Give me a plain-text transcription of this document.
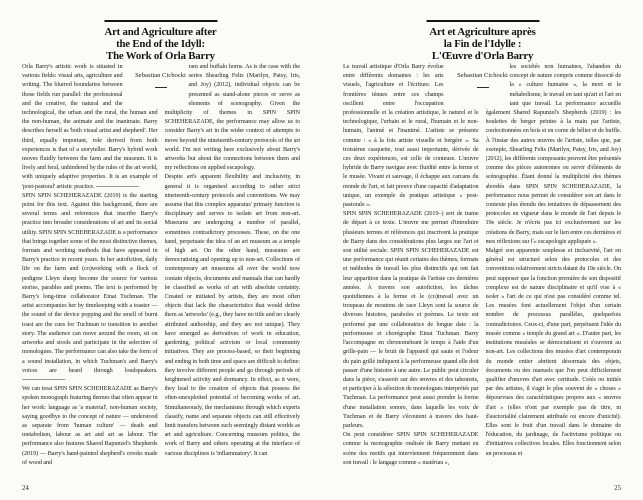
Art and Agriculture after
the End of the Idyll:
The Work of Orla Barry
Sebastian Cichocki

Orla Barry's artistic work is situated in various fields: visual arts, agriculture and writing. The blurred boundaries between those fields run parallel: the professional and the creative, the natural and the technological, the urban and the rural, the human and the non-human, the animate and the inanimate. Barry describes herself as 'both visual artist and shepherd'. Her third, equally important, role derived from both experiences is that of a storyteller. Barry's hybrid work moves fluidly between the farm and the museum. It is lively and feral, unhindered by the rules of the art world, with uniquely adaptive properties. It is an example of 'post-pastoral' artistic practice. ──────────

SPIN SPIN SCHEHERAZADE (2019) is the starting point for this text. Against this background, there are several terms and references that inscribe Barry's practice into broader considerations of art and its social utility. SPIN SPIN SCHEHERAZADE is a performance that brings together some of the most distinctive themes, formats and working methods that have appeared in Barry's practice in recent years. In her autofiction, daily life on the farm and (co)working with a flock of pedigree Lleyn sheep become the source for various stories, parables and poems. The text is performed by Barry's long-time collaborator Einat Tuchman. The artist accompanies her by timekeeping with a toaster — the sound of the device popping and the smell of burnt toast are the cues for Tuchman to transition to another story. The audience can move around the room, sit on artworks and stools and participate in the selection of monologues. The performance can also take the form of a sound installation, in which Tuchman's and Barry's voices are heard through loudspeakers. ──────────

We can treat SPIN SPIN SCHEHERAZADE as Barry's spoken monograph featuring themes that often appear in her work: language as 'a material', non-human society, saying goodbye to the concept of nature — understood as separate from 'human culture' — death and metabolism, labour as art and art as labour. The performance also features Shared Rapunzel's Shepherds (2019) — Barry's hand-painted shepherd's crooks made of wood and

ram and buffalo horns. As is the case with the series Shearling Felts (Marilyn, Patsy, Iris, and Joy) (2012), individual objects can be presented as stand-alone pieces or serve as elements of scenography. Given the multiplicity of themes in SPIN SPIN SCHEHERAZADE, the performance may allow us to consider Barry's art in the wider context of attempts to move beyond the nineteenth-century protocols of the art world. I'm not writing here exclusively about Barry's artworks but about the connections between them and my reflections on applied escapology.

Despite art's apparent flexibility and inclusivity, in general it is organised according to rather strict nineteenth-century protocols and conventions. We may assume that this complex apparatus' primary function is disciplinary and serves to isolate art from non-art. Museums are undergoing a number of parallel, sometimes contradictory processes. These, on the one hand, perpetuate the idea of an art museum as a temple of high art. On the other hand, museums are democratising and opening up to non-art. Collections of contemporary art museums all over the world now contain objects, documents and manuals that can hardly be classified as works of art with absolute certainty. Created or initiated by artists, they are most often objects that lack the characteristics that would define them as 'artworks' (e.g., they have no title and no clearly attributed authorship, and they are not unique). They have emerged as derivatives of work in education, gardening, political activism or local community initiatives. They are process-based, so their beginning and ending in both time and space are difficult to define: they involve different people and go through periods of heightened activity and dormancy. In effect, as it were, they lead to the creation of objects that possess the often-unexploited potential of becoming works of art. Simultaneously, the mechanisms through which experts classify, name and separate objects can still effectively limit transfers between such seemingly distant worlds as art and agriculture. Concerning museum politics, the work of Barry and others operating at the interface of various disciplines is 'inflammatory'. It can

24
Art et Agriculture après
la Fin de l'Idylle :
L'Œuvre d'Orla Barry
Sebastian Cichocki

Le travail artistique d'Orla Barry évolue entre différents domaines : les arts visuels, l'agriculture et l'écriture. Les frontières ténues entre ces champs oscillent entre l'occupation professionnelle et la création artistique, le naturel et le technologique, l'urbain et le rural, l'humain et le non-humain, l'animé et l'inanimé. L'artiste se présente comme : « à la fois artiste visuelle et bergère ». Sa troisième casquette, tout aussi importante, dérivée de ces deux expériences, est celle de conteuse. L'œuvre hybride de Barry navigue avec fluidité entre la ferme et le musée. Vivant et sauvage, il échappe aux carcans du monde de l'art, et fait preuve d'une capacité d'adaptation unique, un exemple de pratique artistique « post-pastorale ».

SPIN SPIN SCHEHERAZADE (2019–) sert de trame de départ à ce texte. L'œuvre me permet d'introduire plusieurs termes et références qui inscrivent la pratique de Barry dans des considérations plus larges sur l'art et son utilité sociale. SPIN SPIN SCHEHERAZADE est une performance qui réunit certains des thèmes, formats et méthodes de travail les plus distinctifs qui ont fait leur apparition dans la pratique de l'artiste ces dernières années. À travers son autofiction, les tâches quotidiennes à la ferme et le (co)travail avec un troupeau de moutons de race Lleyn sont la source de diverses histoires, paraboles et poèmes. Le texte est performé par une collaboratrice de longue date : la performeuse et chorégraphe Einat Tuchman. Barry l'accompagne en chronométrant le temps à l'aide d'un grille-pain — le bruit de l'appareil qui saute et l'odeur du pain grillé indiquent à la performeuse quand elle doit passer d'une histoire à une autre. Le public peut circuler dans la pièce, s'asseoir sur des œuvres et des tabourets, et participer à la sélection de monologues interprétés par Tuchman. La performance peut aussi prendre la forme d'une installation sonore, dans laquelle les voix de Tuchman et de Barry s'écoutent à travers des haut-parleurs.

On peut considérer SPIN SPIN SCHEHERAZADE comme la monographie oralisée de Barry mettant en scène des motifs qui interviennent fréquemment dans son travail : le langage comme « matériau »,

les sociétés non humaines, l'abandon du concept de nature compris comme dissocié de la « culture humaine », la mort et le métabolisme, le travail en tant qu'art et l'art en tant que travail. La performance accueille également Shared Rapunzel's Shepherds (2019) : les houlettes de berger peintes à la main par l'artiste, confectionnées en bois et en corne de bélier et de buffle. À l'instar des autres œuvres de l'artiste, telles que, par exemple, Shearling Felts (Marilyn, Patsy, Iris, and Joy) (2012), les différents composants peuvent être présentés comme des pièces autonomes ou servir d'éléments de scénographie. Étant donné la multiplicité des thèmes abordés dans SPIN SPIN SCHEHERAZADE, la performance nous permet de considérer son art dans le contexte plus étendu des tentatives de dépassement des protocoles en vigueur dans le monde de l'art depuis le 19e siècle. Je n'écris pas ici exclusivement sur les créations de Barry, mais sur le lien entre ces dernières et mes réflexions sur l'« escapologie appliquée ».

Malgré son apparente souplesse et inclusivité, l'art en général est structuré selon des protocoles et des conventions relativement stricts datant du 19e siècle. On peut supposer que la fonction première de son dispositif complexe est de nature disciplinaire et qu'il vise à « isoler » l'art de ce qui n'est pas considéré comme tel. Les musées font actuellement l'objet d'un certain nombre de processus parallèles, quelquefois contradictoires. Ceux-ci, d'une part, perpétuent l'idée du musée comme « temple du grand art ». D'autre part, les institutions muséales se démocratisent et s'ouvrent au non-art. Les collections des musées d'art contemporain du monde entier abritent désormais des objets, documents ou des manuels que l'on peut difficilement qualifier d'œuvres d'art avec certitude. Créés ou initiés par des artistes, il s'agit le plus souvent de « choses » dépourvues des caractéristiques propres aux « œuvres d'art » (elles n'ont par exemple pas de titre, ni d'auctorialité clairement attribuée ou encore d'unicité). Elles sont le fruit d'un travail dans le domaine de l'éducation, du jardinage, de l'activisme politique ou d'initiatives collectives locales. Elles fonctionnent selon un processus et

25
